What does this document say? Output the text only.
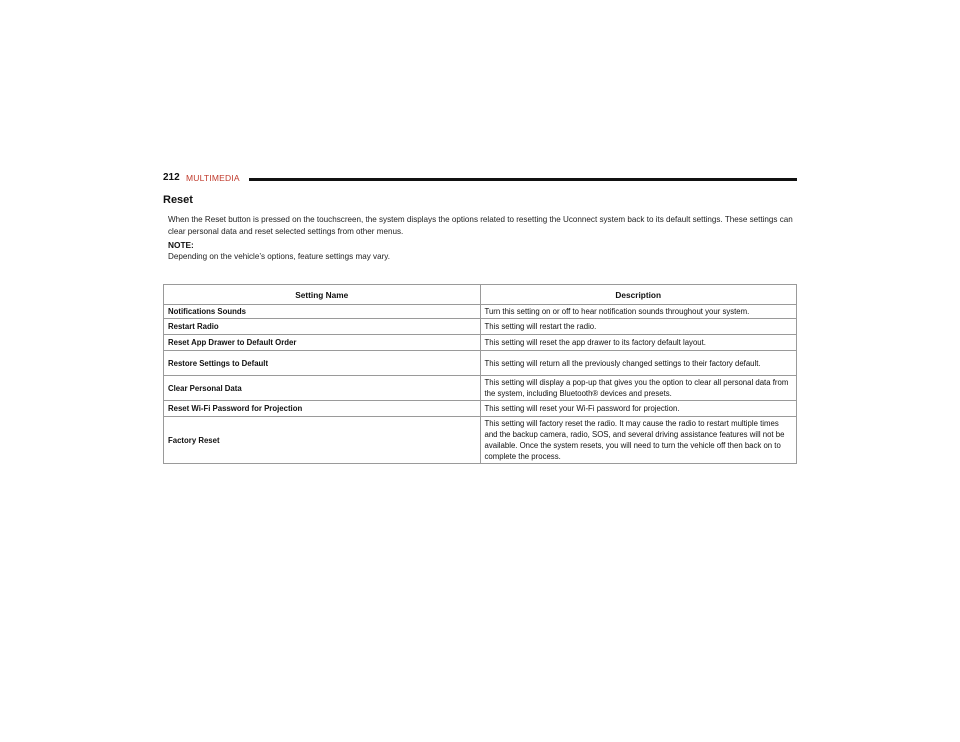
212 MULTIMEDIA
Reset
When the Reset button is pressed on the touchscreen, the system displays the options related to resetting the Uconnect system back to its default settings. These settings can clear personal data and reset selected settings from other menus.
NOTE:
Depending on the vehicle’s options, feature settings may vary.
Setting Name	Description
Notifications Sounds	Turn this setting on or off to hear notification sounds throughout your system.
Restart Radio	This setting will restart the radio.
Reset App Drawer to Default Order	This setting will reset the app drawer to its factory default layout.
Restore Settings to Default	This setting will return all the previously changed settings to their factory default.
Clear Personal Data	This setting will display a pop-up that gives you the option to clear all personal data from the system, including Bluetooth® devices and presets.
Reset Wi-Fi Password for Projection	This setting will reset your Wi-Fi password for projection.
Factory Reset	This setting will factory reset the radio. It may cause the radio to restart multiple times and the backup camera, radio, SOS, and several driving assistance features will not be available. Once the system resets, you will need to turn the vehicle off then back on to complete the process.
